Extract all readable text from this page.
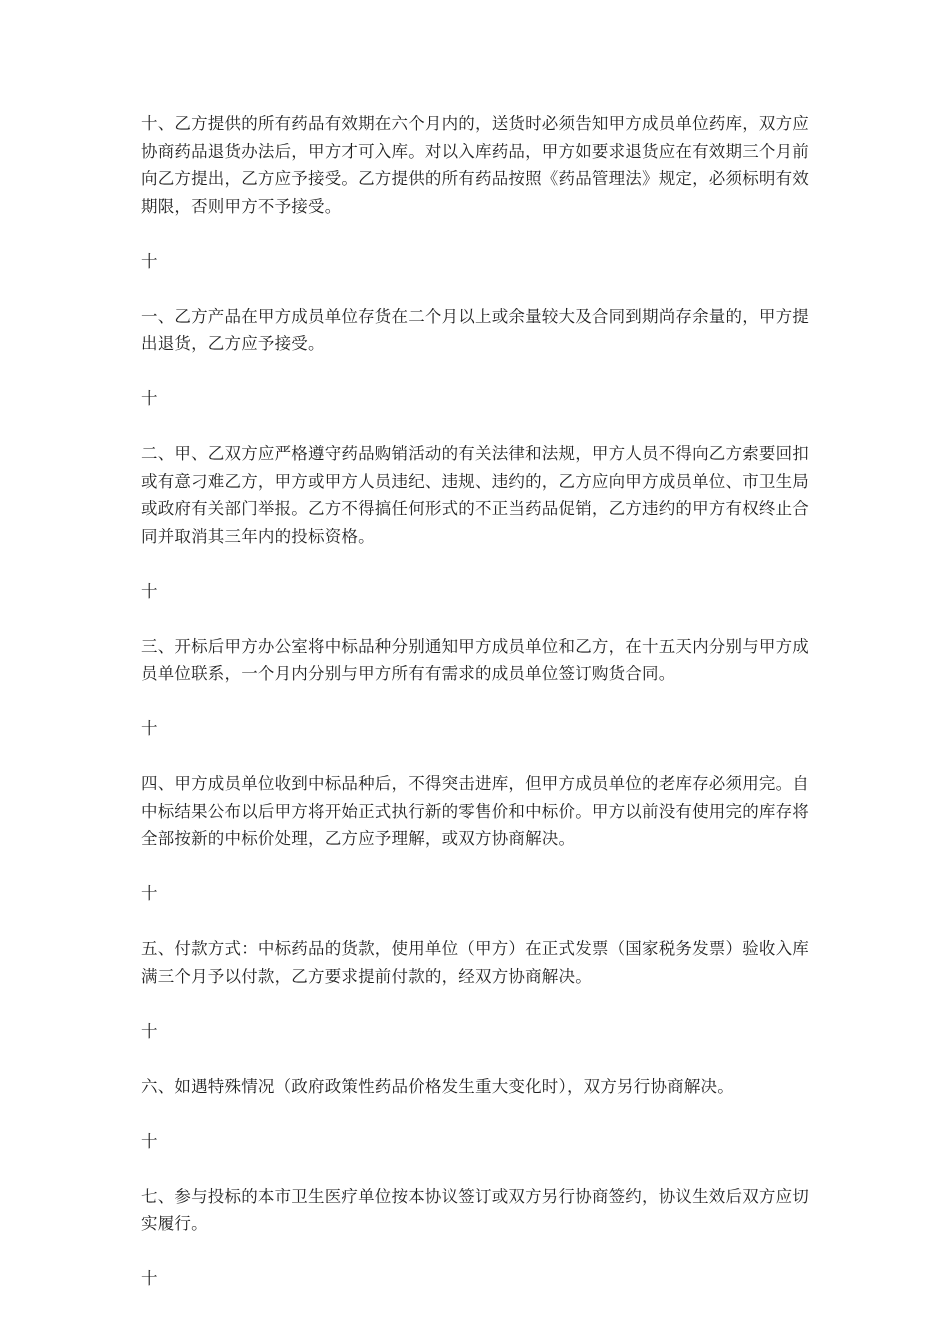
十、乙方提供的所有药品有效期在六个月内的，送货时必须告知甲方成员单位药库，双方应协商药品退货办法后，甲方才可入库。对以入库药品，甲方如要求退货应在有效期三个月前向乙方提出，乙方应予接受。乙方提供的所有药品按照《药品管理法》规定，必须标明有效期限，否则甲方不予接受。

十

一、乙方产品在甲方成员单位存货在二个月以上或余量较大及合同到期尚存余量的，甲方提出退货，乙方应予接受。

十

二、甲、乙双方应严格遵守药品购销活动的有关法律和法规，甲方人员不得向乙方索要回扣或有意刁难乙方，甲方或甲方人员违纪、违规、违约的，乙方应向甲方成员单位、市卫生局或政府有关部门举报。乙方不得搞任何形式的不正当药品促销，乙方违约的甲方有权终止合同并取消其三年内的投标资格。

十

三、开标后甲方办公室将中标品种分别通知甲方成员单位和乙方，在十五天内分别与甲方成员单位联系，一个月内分别与甲方所有有需求的成员单位签订购货合同。

十

四、甲方成员单位收到中标品种后，不得突击进库，但甲方成员单位的老库存必须用完。自中标结果公布以后甲方将开始正式执行新的零售价和中标价。甲方以前没有使用完的库存将全部按新的中标价处理，乙方应予理解，或双方协商解决。

十

五、付款方式：中标药品的货款，使用单位（甲方）在正式发票（国家税务发票）验收入库满三个月予以付款，乙方要求提前付款的，经双方协商解决。

十

六、如遇特殊情况（政府政策性药品价格发生重大变化时），双方另行协商解决。

十

七、参与投标的本市卫生医疗单位按本协议签订或双方另行协商签约，协议生效后双方应切实履行。

十
